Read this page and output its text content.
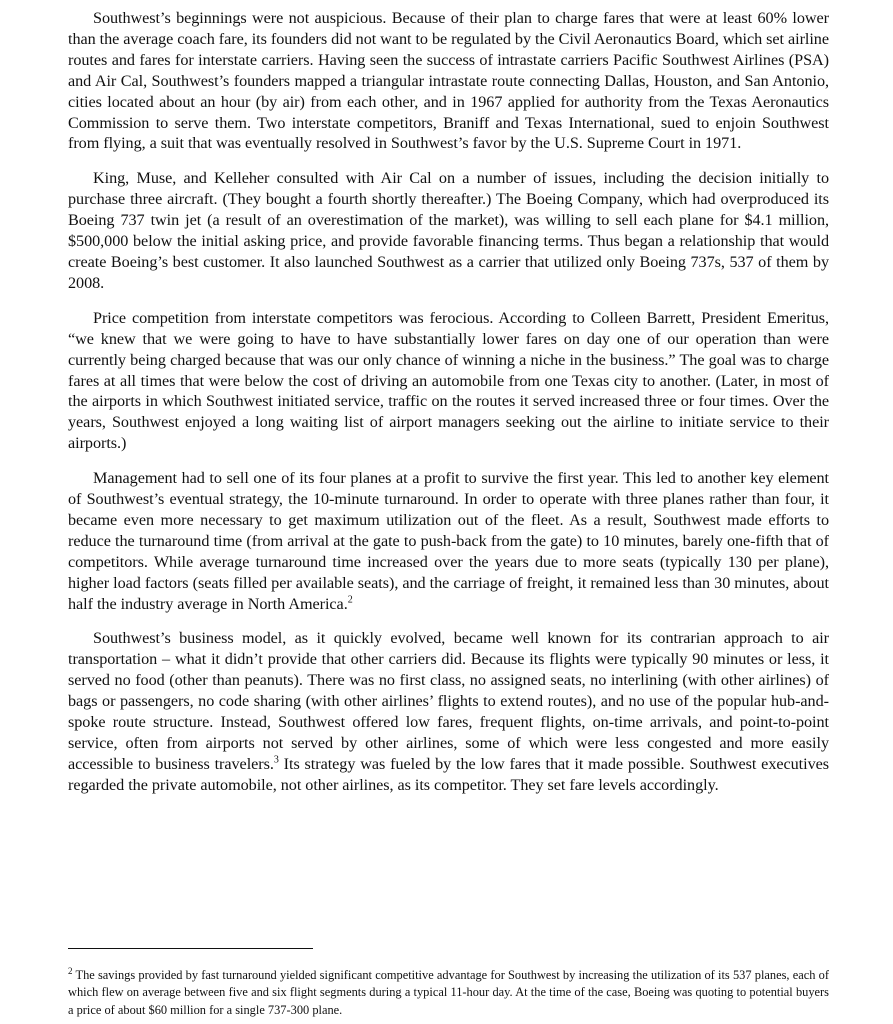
Southwest’s beginnings were not auspicious. Because of their plan to charge fares that were at least 60% lower than the average coach fare, its founders did not want to be regulated by the Civil Aeronautics Board, which set airline routes and fares for interstate carriers. Having seen the success of intrastate carriers Pacific Southwest Airlines (PSA) and Air Cal, Southwest’s founders mapped a triangular intrastate route connecting Dallas, Houston, and San Antonio, cities located about an hour (by air) from each other, and in 1967 applied for authority from the Texas Aeronautics Commission to serve them. Two interstate competitors, Braniff and Texas International, sued to enjoin Southwest from flying, a suit that was eventually resolved in Southwest’s favor by the U.S. Supreme Court in 1971.

King, Muse, and Kelleher consulted with Air Cal on a number of issues, including the decision initially to purchase three aircraft. (They bought a fourth shortly thereafter.) The Boeing Company, which had overproduced its Boeing 737 twin jet (a result of an overestimation of the market), was willing to sell each plane for $4.1 million, $500,000 below the initial asking price, and provide favorable financing terms. Thus began a relationship that would create Boeing’s best customer. It also launched Southwest as a carrier that utilized only Boeing 737s, 537 of them by 2008.

Price competition from interstate competitors was ferocious. According to Colleen Barrett, President Emeritus, “we knew that we were going to have to have substantially lower fares on day one of our operation than were currently being charged because that was our only chance of winning a niche in the business.” The goal was to charge fares at all times that were below the cost of driving an automobile from one Texas city to another. (Later, in most of the airports in which Southwest initiated service, traffic on the routes it served increased three or four times. Over the years, Southwest enjoyed a long waiting list of airport managers seeking out the airline to initiate service to their airports.)

Management had to sell one of its four planes at a profit to survive the first year. This led to another key element of Southwest’s eventual strategy, the 10-minute turnaround. In order to operate with three planes rather than four, it became even more necessary to get maximum utilization out of the fleet. As a result, Southwest made efforts to reduce the turnaround time (from arrival at the gate to push-back from the gate) to 10 minutes, barely one-fifth that of competitors. While average turnaround time increased over the years due to more seats (typically 130 per plane), higher load factors (seats filled per available seats), and the carriage of freight, it remained less than 30 minutes, about half the industry average in North America.$^2$

Southwest’s business model, as it quickly evolved, became well known for its contrarian approach to air transportation – what it didn’t provide that other carriers did. Because its flights were typically 90 minutes or less, it served no food (other than peanuts). There was no first class, no assigned seats, no interlining (with other airlines) of bags or passengers, no code sharing (with other airlines’ flights to extend routes), and no use of the popular hub-and-spoke route structure. Instead, Southwest offered low fares, frequent flights, on-time arrivals, and point-to-point service, often from airports not served by other airlines, some of which were less congested and more easily accessible to business travelers.$^3$ Its strategy was fueled by the low fares that it made possible. Southwest executives regarded the private automobile, not other airlines, as its competitor. They set fare levels accordingly.

$^2$ The savings provided by fast turnaround yielded significant competitive advantage for Southwest by increasing the utilization of its 537 planes, each of which flew on average between five and six flight segments during a typical 11-hour day. At the time of the case, Boeing was quoting to potential buyers a price of about $60 million for a single 737-300 plane.
